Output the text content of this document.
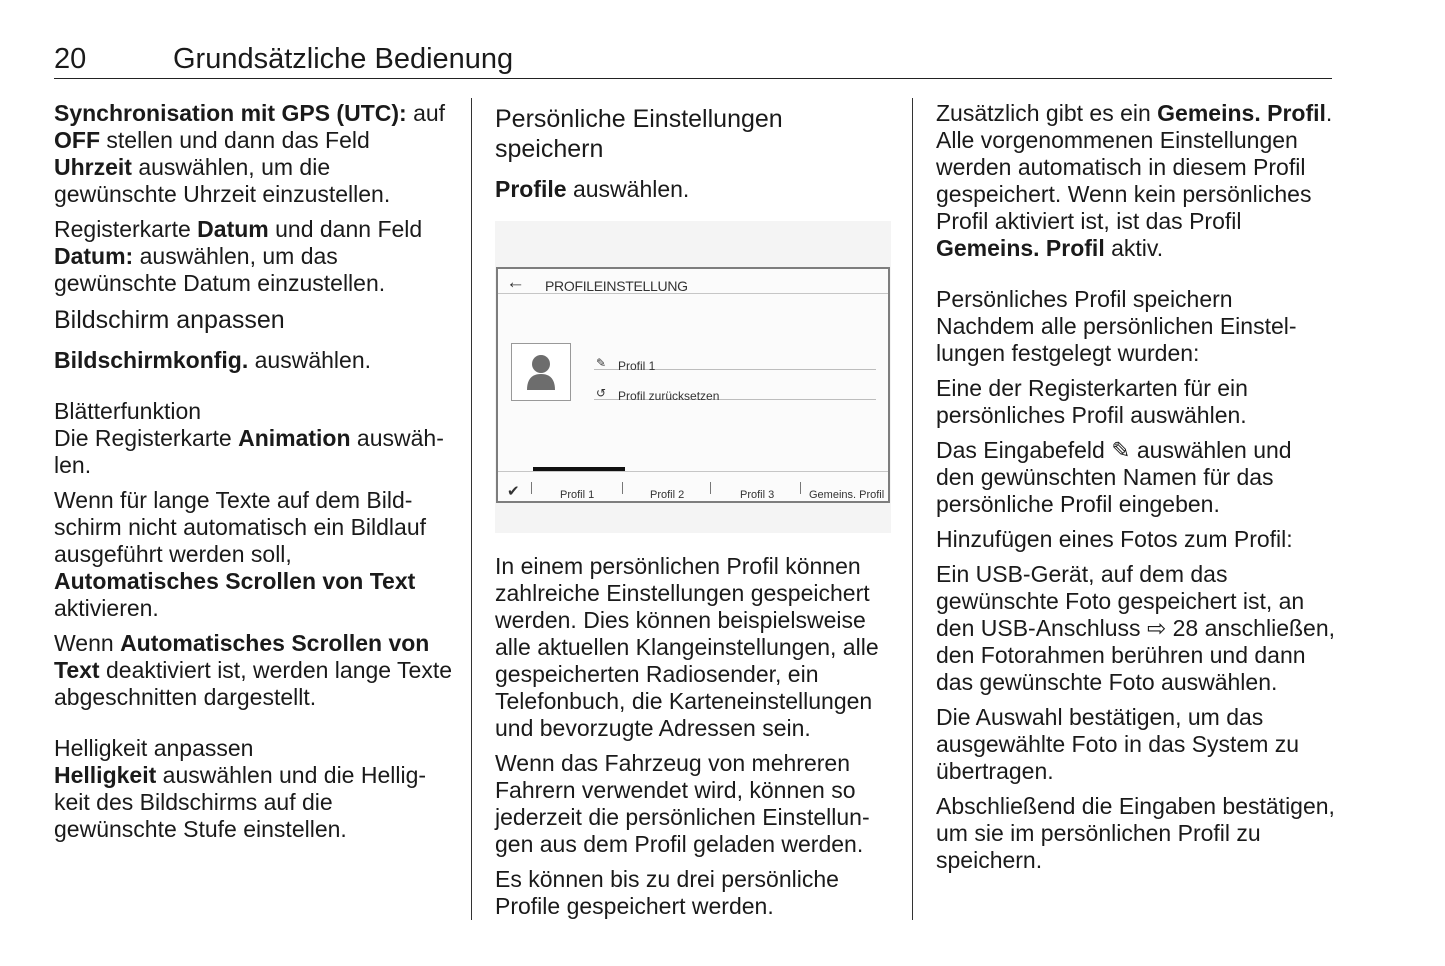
20	Grundsätzliche Bedienung

Synchronisation mit GPS (UTC): auf OFF stellen und dann das Feld Uhrzeit auswählen, um die gewünschte Uhrzeit einzustellen.

Registerkarte Datum und dann Feld Datum: auswählen, um das gewünschte Datum einzustellen.

Bildschirm anpassen

Bildschirmkonfig. auswählen.

Blätterfunktion

Die Registerkarte Animation auswählen.

Wenn für lange Texte auf dem Bildschirm nicht automatisch ein Bildlauf ausgeführt werden soll, Automatisches Scrollen von Text aktivieren.

Wenn Automatisches Scrollen von Text deaktiviert ist, werden lange Texte abgeschnitten dargestellt.

Helligkeit anpassen

Helligkeit auswählen und die Helligkeit des Bildschirms auf die gewünschte Stufe einstellen.

Persönliche Einstellungen speichern

Profile auswählen.

← PROFILEINSTELLUNG
✎ Profil 1
↺ Profil zurücksetzen
✔	Profil 1	Profil 2	Profil 3	Gemeins. Profil

In einem persönlichen Profil können zahlreiche Einstellungen gespeichert werden. Dies können beispielsweise alle aktuellen Klangeinstellungen, alle gespeicherten Radiosender, ein Telefonbuch, die Karteneinstellungen und bevorzugte Adressen sein.

Wenn das Fahrzeug von mehreren Fahrern verwendet wird, können so jederzeit die persönlichen Einstellungen aus dem Profil geladen werden.

Es können bis zu drei persönliche Profile gespeichert werden.

Zusätzlich gibt es ein Gemeins. Profil. Alle vorgenommenen Einstellungen werden automatisch in diesem Profil gespeichert. Wenn kein persönliches Profil aktiviert ist, ist das Profil Gemeins. Profil aktiv.

Persönliches Profil speichern

Nachdem alle persönlichen Einstellungen festgelegt wurden:

Eine der Registerkarten für ein persönliches Profil auswählen.

Das Eingabefeld ✎ auswählen und den gewünschten Namen für das persönliche Profil eingeben.

Hinzufügen eines Fotos zum Profil:

Ein USB-Gerät, auf dem das gewünschte Foto gespeichert ist, an den USB-Anschluss ⇨ 28 anschließen, den Fotorahmen berühren und dann das gewünschte Foto auswählen.

Die Auswahl bestätigen, um das ausgewählte Foto in das System zu übertragen.

Abschließend die Eingaben bestätigen, um sie im persönlichen Profil zu speichern.
